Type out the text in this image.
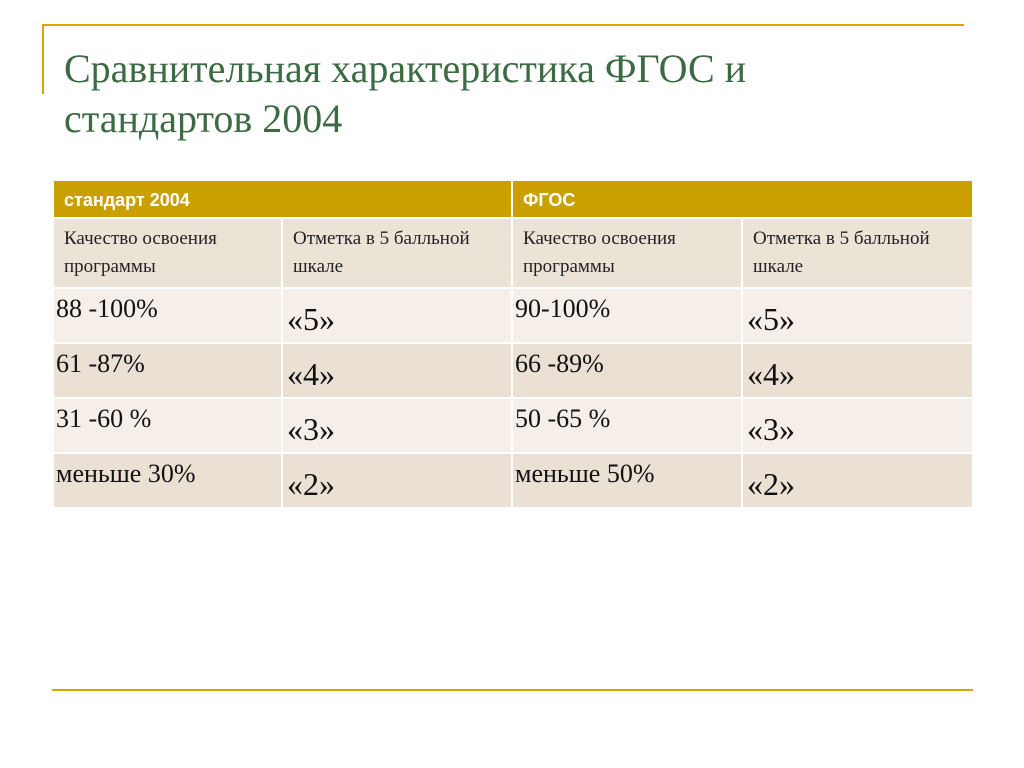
Сравнительная характеристика ФГОС и стандартов 2004
стандарт 2004		ФГОС	
Качество освоения программы	Отметка в 5 балльной шкале	Качество освоения программы	Отметка в 5 балльной шкале
88 -100%	«5»	90-100%	«5»
61 -87%	«4»	66 -89%	«4»
31 -60 %	«3»	50 -65 %	«3»
меньше 30%	«2»	меньше 50%	«2»
